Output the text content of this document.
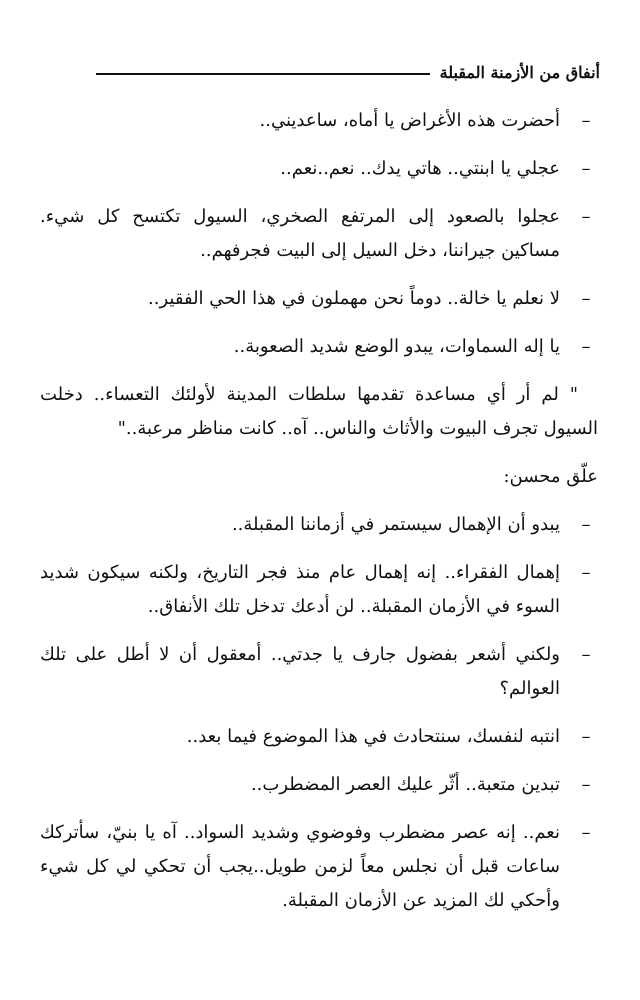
أنفاق من الأزمنة المقبلة
–
أحضرت هذه الأغراض يا أماه، ساعديني..
–
عجلي يا ابنتي.. هاتي يدك.. نعم..نعم..
–
عجلوا بالصعود إلى المرتفع الصخري، السيول تكتسح كل شيء.
مساكين جيراننا، دخل السيل إلى البيت فجرفهم..
–
لا نعلم يا خالة.. دوماً نحن مهملون في هذا الحي الفقير..
–
يا إله السماوات، يبدو الوضع شديد الصعوبة..
" لم أر أي مساعدة تقدمها سلطات المدينة لأولئك التعساء.. دخلت
السيول تجرف البيوت والأثاث والناس.. آه.. كانت مناظر مرعبة.."
علّق محسن:
–
يبدو أن الإهمال سيستمر في أزماننا المقبلة..
–
إهمال الفقراء.. إنه إهمال عام منذ فجر التاريخ، ولكنه سيكون شديد
السوء في الأزمان المقبلة.. لن أدعك تدخل تلك الأنفاق..
–
ولكني أشعر بفضول جارف يا جدتي.. أمعقول أن لا أطل على تلك
العوالم؟
–
انتبه لنفسك، سنتحادث في هذا الموضوع فيما بعد..
–
تبدين متعبة.. أثّر عليك العصر المضطرب..
–
نعم.. إنه عصر مضطرب وفوضوي وشديد السواد.. آه يا بنيّ، سأتركك
ساعات قبل أن نجلس معاً لزمن طويل..يجب أن تحكي لي كل شيء
وأحكي لك المزيد عن الأزمان المقبلة.
